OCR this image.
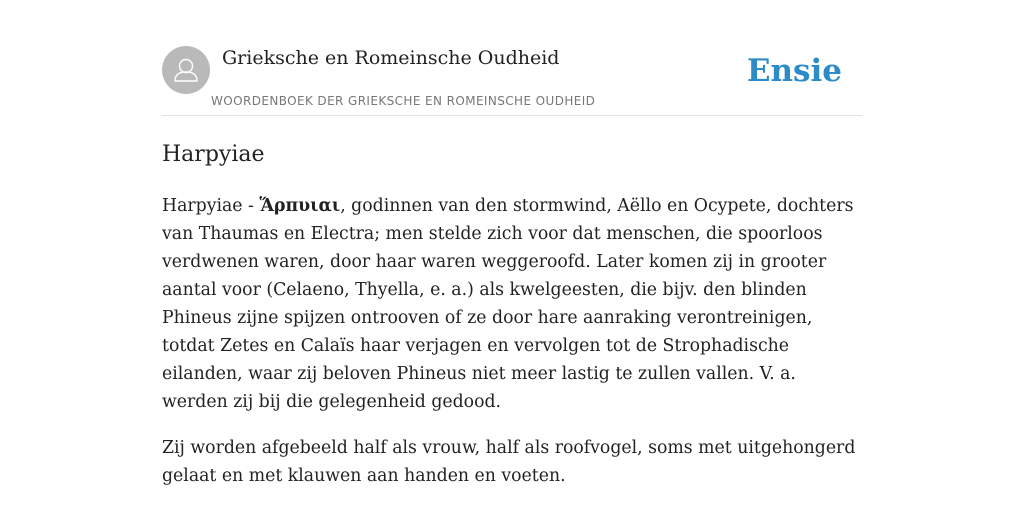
Grieksche en Romeinsche Oudheid
WOORDENBOEK DER GRIEKSCHE EN ROMEINSCHE OUDHEID
Ensie
Harpyiae

Harpyiae - Ἅρπυιαι, godinnen van den stormwind, Aëllo en Ocypete, dochters van Thaumas en Electra; men stelde zich voor dat menschen, die spoorloos verdwenen waren, door haar waren weggeroofd. Later komen zij in grooter aantal voor (Celaeno, Thyella, e. a.) als kwelgeesten, die bijv. den blinden Phineus zijne spijzen ontrooven of ze door hare aanraking verontreinigen, totdat Zetes en Calaïs haar verjagen en vervolgen tot de Strophadische eilanden, waar zij beloven Phineus niet meer lastig te zullen vallen. V. a. werden zij bij die gelegenheid gedood.

Zij worden afgebeeld half als vrouw, half als roofvogel, soms met uitgehongerd gelaat en met klauwen aan handen en voeten.
